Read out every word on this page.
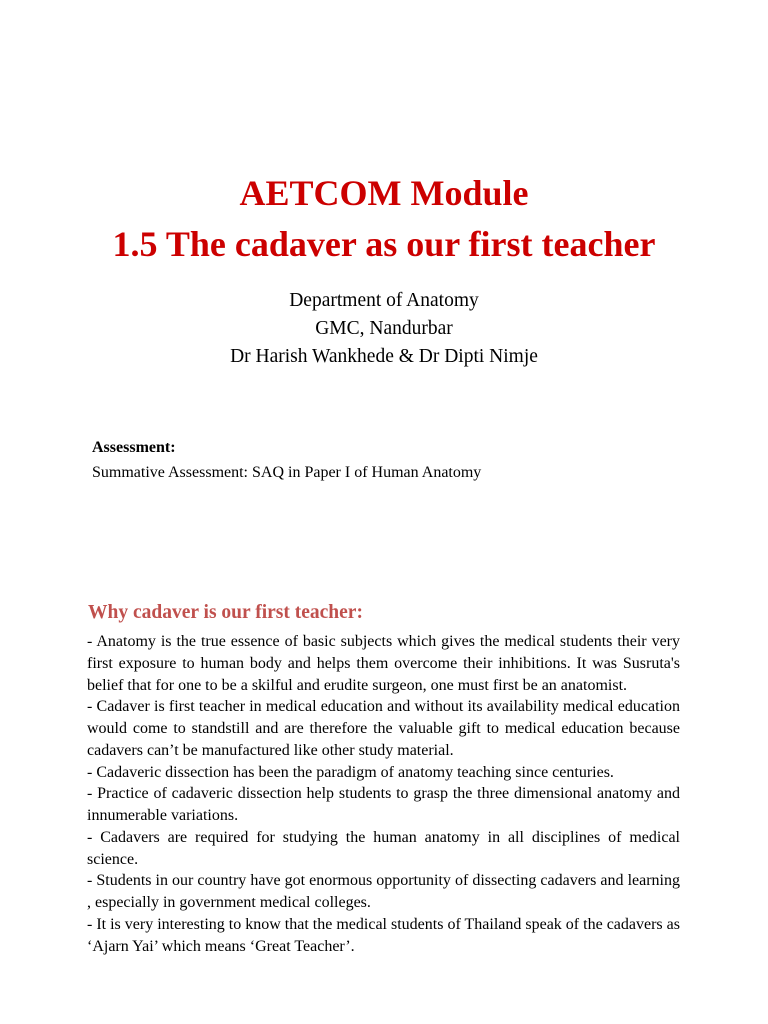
AETCOM Module
1.5 The cadaver as our first teacher

Department of Anatomy

GMC, Nandurbar

Dr Harish Wankhede & Dr Dipti Nimje

Assessment:

Summative Assessment: SAQ in Paper I of Human Anatomy

Why cadaver is our first teacher:

- Anatomy is the true essence of basic subjects which gives the medical students their very first exposure to human body and helps them overcome their inhibitions. It was Susruta's belief that for one to be a skilful and erudite surgeon, one must first be an anatomist.

- Cadaver is first teacher in medical education and without its availability medical education would come to standstill and are therefore the valuable gift to medical education because cadavers can’t be manufactured like other study material.

- Cadaveric dissection has been the paradigm of anatomy teaching since centuries.

- Practice of cadaveric dissection help students to grasp the three dimensional anatomy and innumerable variations.

- Cadavers are required for studying the human anatomy in all disciplines of medical science.

- Students in our country have got enormous opportunity of dissecting cadavers and learning , especially in government medical colleges.

- It is very interesting to know that the medical students of Thailand speak of the cadavers as ‘Ajarn Yai’ which means ‘Great Teacher’.
